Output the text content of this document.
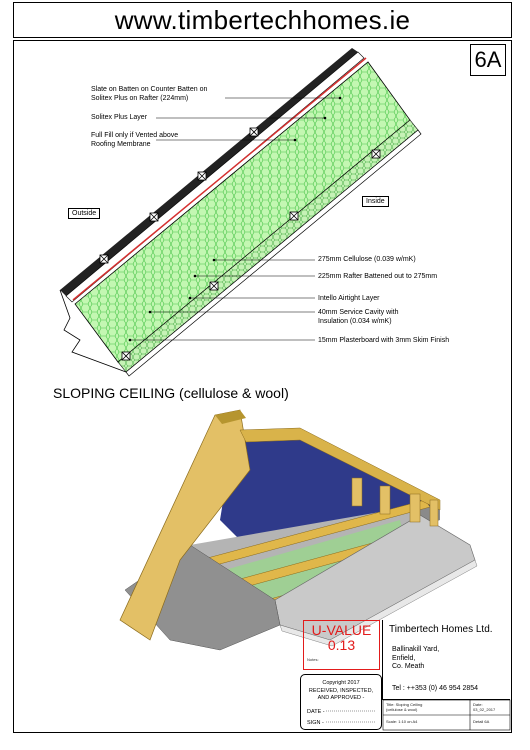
www.timbertechhomes.ie
6A
Slate on Batten on Counter Batten on
Solitex Plus on Rafter (224mm)
Solitex Plus Layer
Full Fill only if Vented above
Roofing Membrane
Outside
Inside
275mm Cellulose (0.039 w/mK)
225mm Rafter Battened out to 275mm
Intello Airtight Layer
40mm Service Cavity with
Insulation (0.034 w/mK)
15mm Plasterboard with 3mm Skim Finish
SLOPING CEILING (cellulose & wool)
U-VALUE
0.13
Notes:
Copyright 2017
RECEIVED, INSPECTED,
AND APPROVED -
DATE -
SIGN -
Timbertech Homes Ltd.
Ballinakill Yard,
Enfield,
Co. Meath
Tel : ++353 (0) 46 954 2854
Title: Sloping Ceiling
(cellulose & wool)
Date:
03_02_2017
Scale: 1:10 on A4	Detail 6A
